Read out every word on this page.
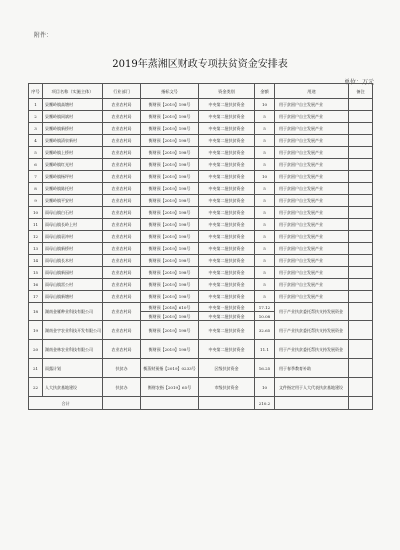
附件：
2019年蒸湘区财政专项扶贫资金安排表
单位：万元
序号	项目名称（实施主体）	行业部门	指标文号	资金类别	金额	用途	备注
1	呆鹰岭镇高塘村	农业农村局	衡财预【2019】198号	中央第二批扶贫资金	10	用于贫困户自主发展产业	
2	呆鹰岭镇同斌村	农业农村局	衡财预【2019】198号	中央第二批扶贫资金	5	用于贫困户自主发展产业	
3	呆鹰岭镇新桥村	农业农村局	衡财预【2019】198号	中央第二批扶贫资金	5	用于贫困户自主发展产业	
4	呆鹰岭镇清泉新村	农业农村局	衡财预【2019】198号	中央第二批扶贫资金	5	用于贫困户自主发展产业	
5	呆鹰岭镇上桥村	农业农村局	衡财预【2019】198号	中央第二批扶贫资金	5	用于贫困户自主发展产业	
6	呆鹰岭镇红光村	农业农村局	衡财预【2019】198号	中央第二批扶贫资金	5	用于贫困户自主发展产业	
7	呆鹰岭镇杨坪村	农业农村局	衡财预【2019】198号	中央第二批扶贫资金	10	用于贫困户自主发展产业	
8	呆鹰岭镇陈托村	农业农村局	衡财预【2019】198号	中央第二批扶贫资金	5	用于贫困户自主发展产业	
9	呆鹰岭镇平安村	农业农村局	衡财预【2019】198号	中央第二批扶贫资金	5	用于贫困户自主发展产业	
10	雨母山镇白石村	农业农村局	衡财预【2019】198号	中央第二批扶贫资金	5	用于贫困户自主发展产业	
11	雨母山镇长岭上村	农业农村局	衡财预【2019】198号	中央第二批扶贫资金	5	用于贫困户自主发展产业	
12	雨母山镇袁冲村	农业农村局	衡财预【2019】198号	中央第二批扶贫资金	5	用于贫困户自主发展产业	
13	雨母山镇新桥村	农业农村局	衡财预【2019】198号	中央第二批扶贫资金	5	用于贫困户自主发展产业	
14	雨母山镇长木村	农业农村局	衡财预【2019】198号	中央第二批扶贫资金	5	用于贫困户自主发展产业	
15	雨母山镇新园村	农业农村局	衡财预【2019】198号	中央第二批扶贫资金	5	用于贫困户自主发展产业	
16	雨母山镇雷公村	农业农村局	衡财预【2019】198号	中央第二批扶贫资金	5	用于贫困户自主发展产业	
17	雨母山镇新塘村	农业农村局	衡财预【2019】198号	中央第二批扶贫资金	5	用于贫困户自主发展产业	
18	湖南金雁种业科技有限公司	农业农村局	衡财预【2018】610号	中央第一批扶贫资金	17.12	用于产业扶贫委托帮扶支持发展资金	
			衡财预【2019】198号	中央第二批扶贫资金	10.08		
19	湖南金宇农业科技开发有限公司	农业农村局	衡财预【2019】198号	中央第二批扶贫资金	32.65	用于产业扶贫委托帮扶支持发展资金	
20	湖南金林农业科技有限公司	农业农村局	衡财预【2019】198号	中央第二批扶贫资金	11.1	用于产业扶贫委托帮扶支持发展资金	
21	雨露计划	扶贫办	衡蒸财预指【2019】0233号	区级扶贫资金	16.25	用于春季教育补助	
22	人大扶贫基地建设	扶贫办	衡财农指【2019】65号	市级扶贫资金	10	文件指定用于人大代表扶贫基地建设	
合计					210.2		
